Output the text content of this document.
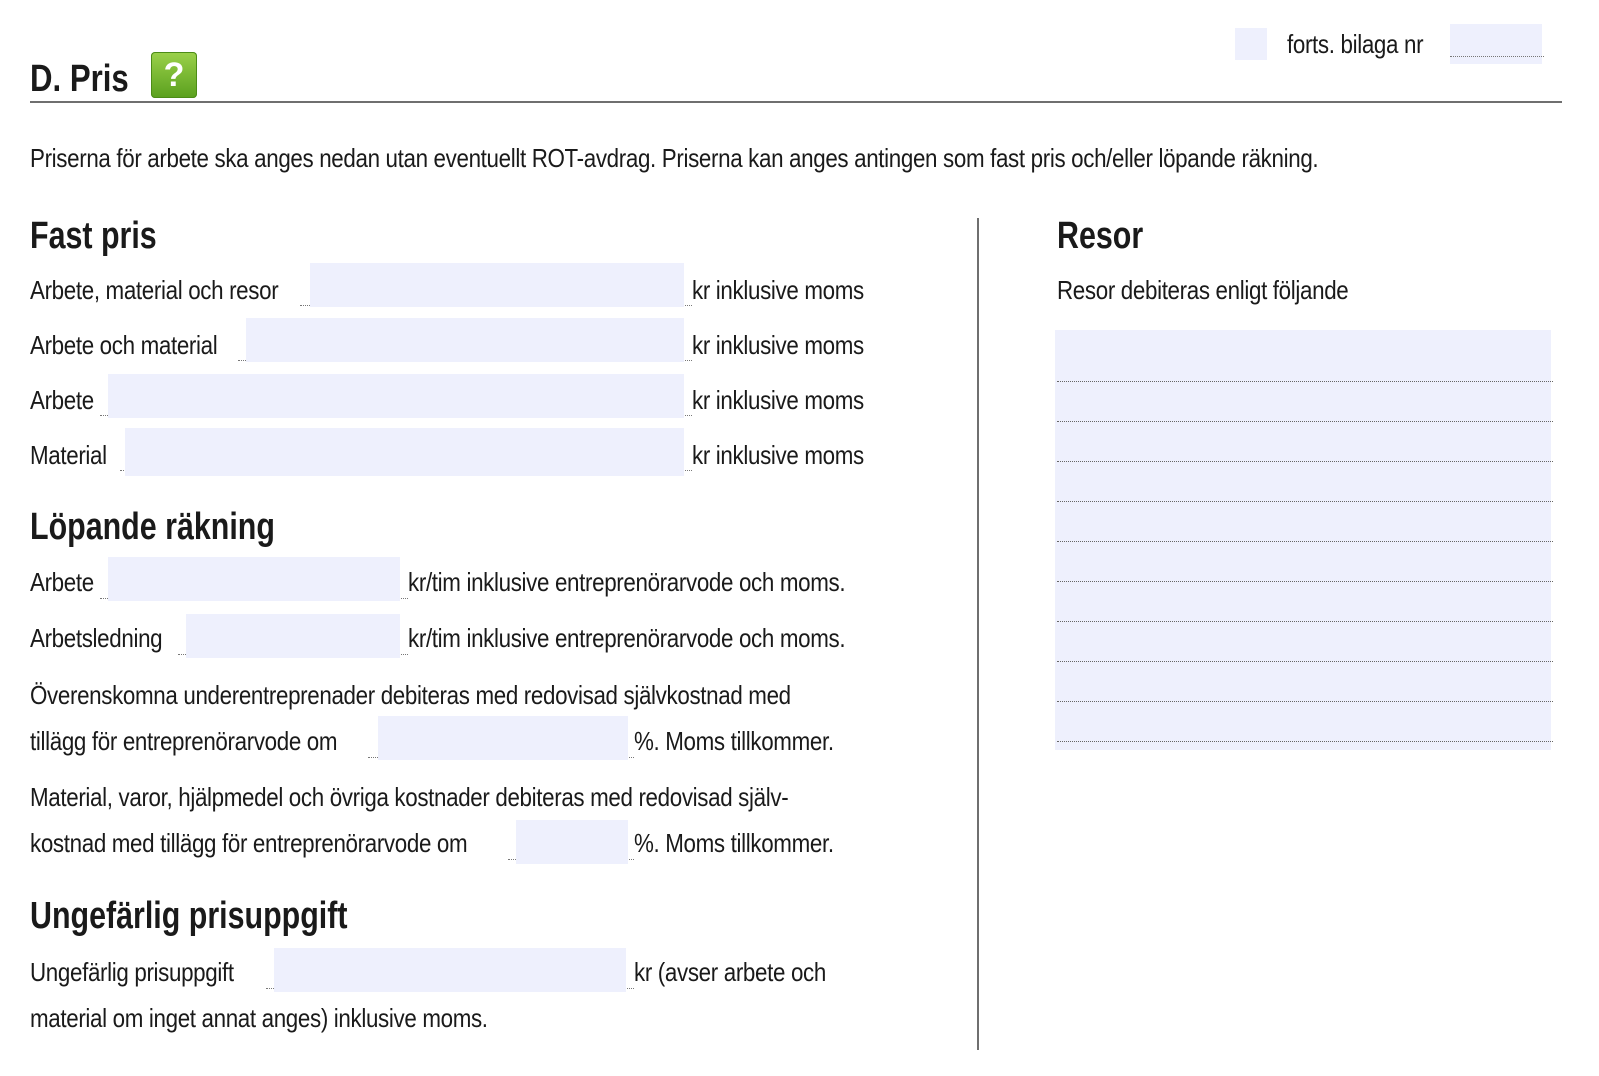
D. Pris	?
forts. bilaga nr
Priserna för arbete ska anges nedan utan eventuellt ROT-avdrag. Priserna kan anges antingen som fast pris och/eller löpande räkning.
Fast pris
Arbete, material och resor	kr inklusive moms
Arbete och material	kr inklusive moms
Arbete	kr inklusive moms
Material	kr inklusive moms
Löpande räkning
Arbete	kr/tim inklusive entreprenörarvode och moms.
Arbetsledning	kr/tim inklusive entreprenörarvode och moms.
Överenskomna underentreprenader debiteras med redovisad självkostnad med
tillägg för entreprenörarvode om	%. Moms tillkommer.
Material, varor, hjälpmedel och övriga kostnader debiteras med redovisad själv-
kostnad med tillägg för entreprenörarvode om	%. Moms tillkommer.
Ungefärlig prisuppgift
Ungefärlig prisuppgift	kr (avser arbete och
material om inget annat anges) inklusive moms.
Resor
Resor debiteras enligt följande
